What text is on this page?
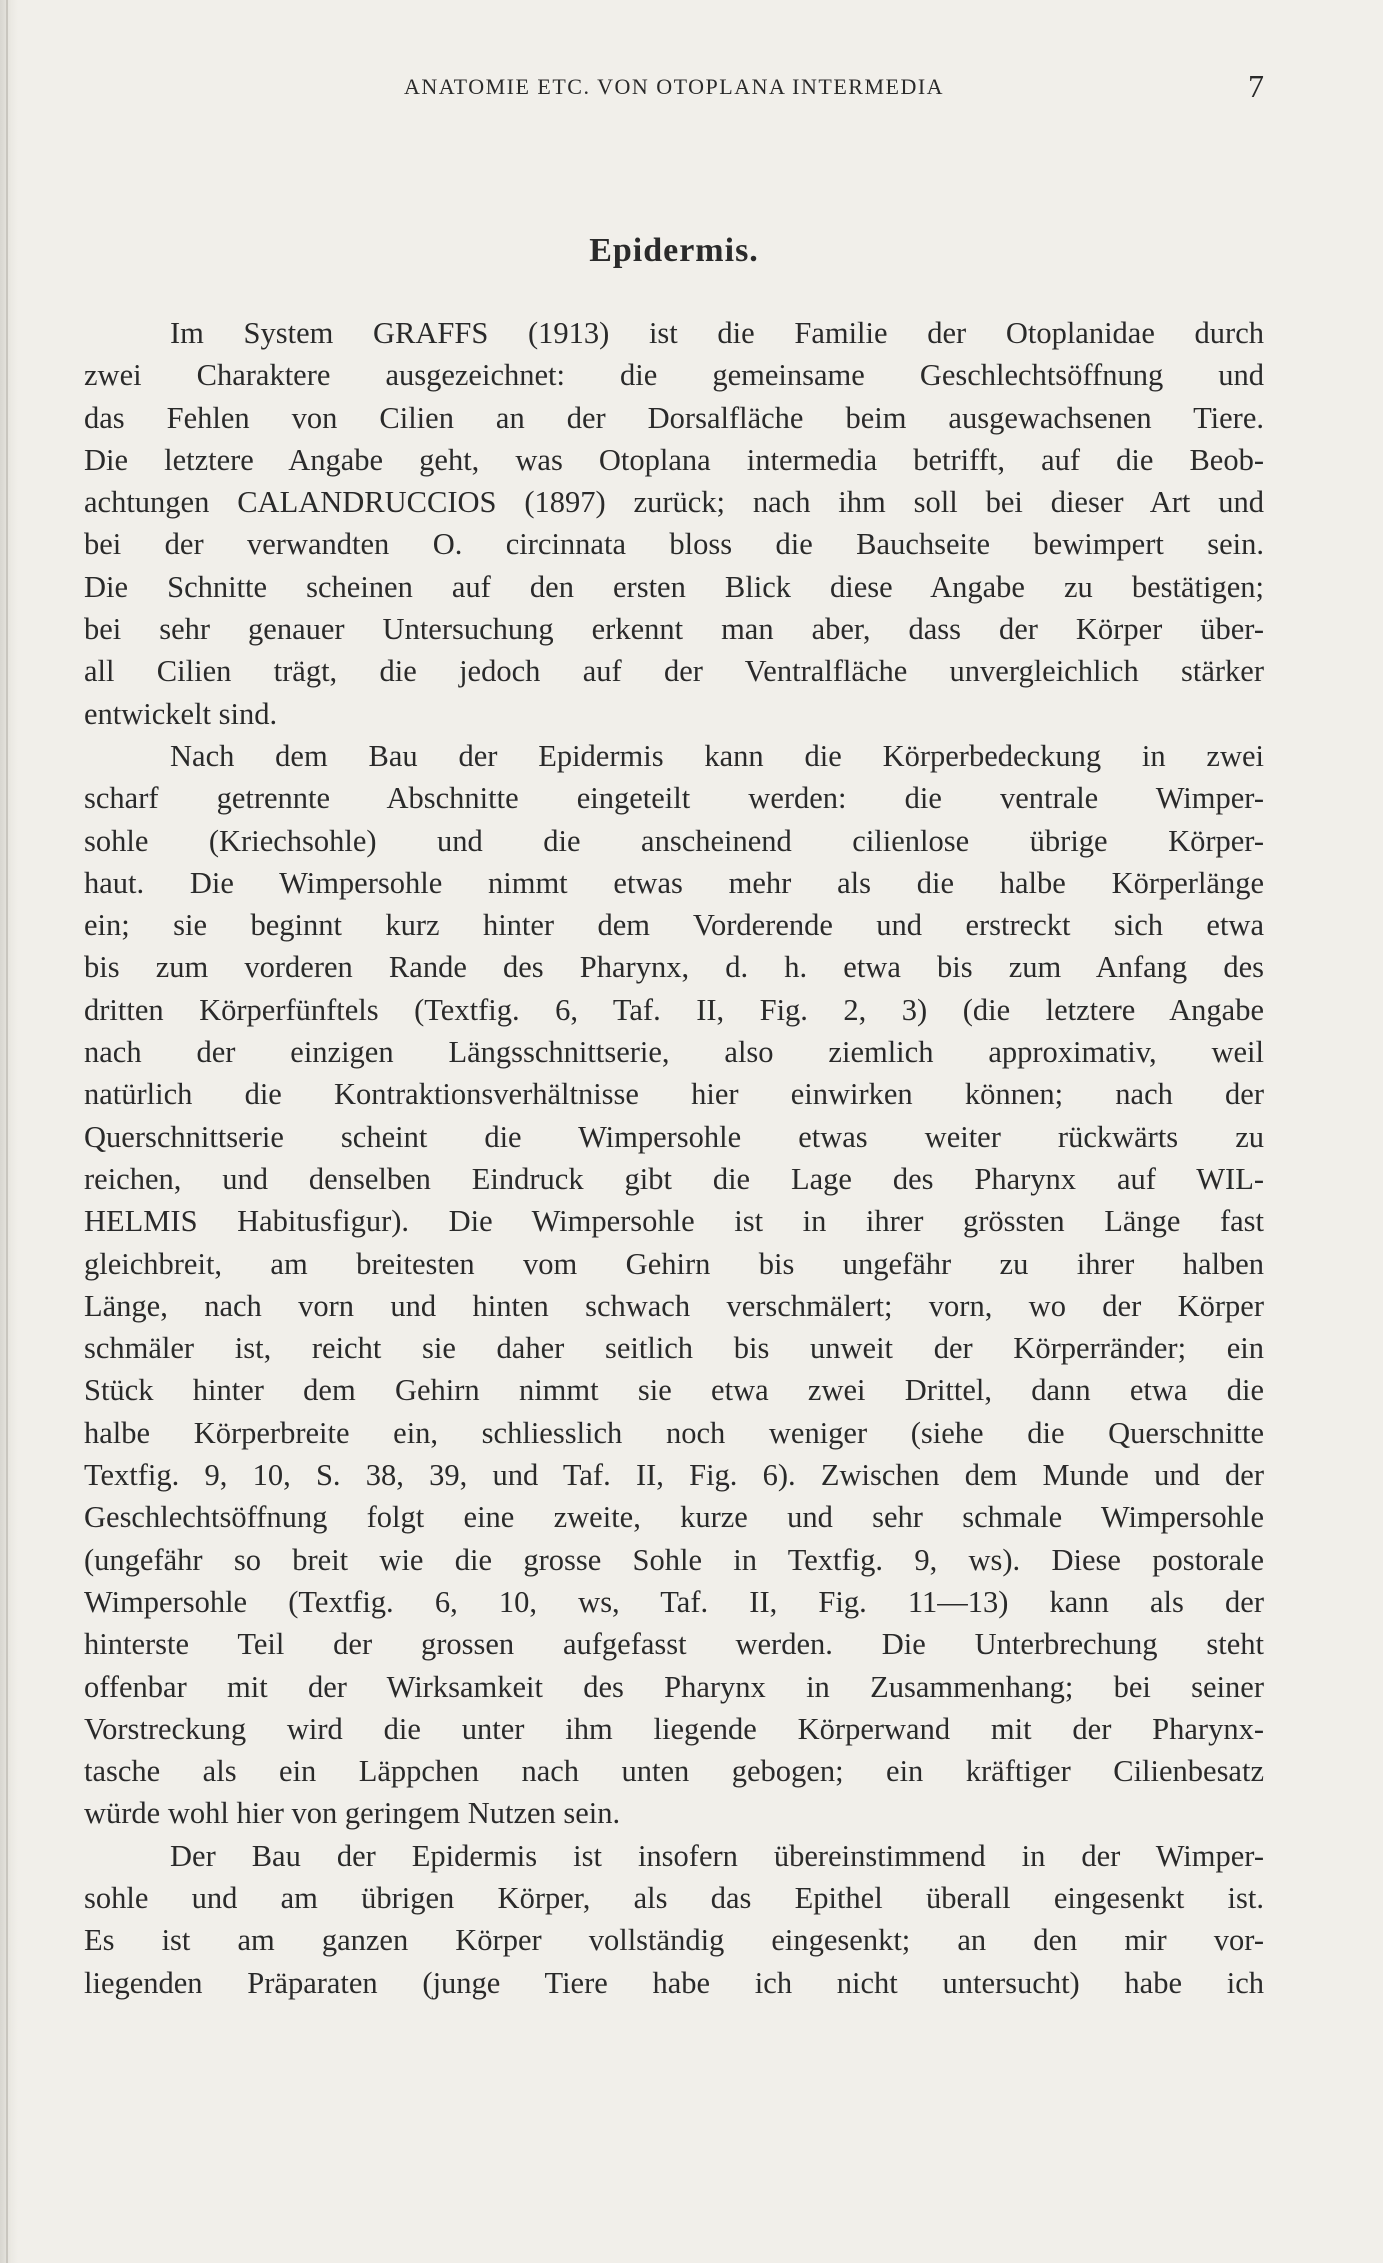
ANATOMIE ETC. VON OTOPLANA INTERMEDIA	7
Epidermis.
Im System GRAFFS (1913) ist die Familie der Otoplanidae durch
zwei Charaktere ausgezeichnet: die gemeinsame Geschlechtsöffnung und
das Fehlen von Cilien an der Dorsalfläche beim ausgewachsenen Tiere.
Die letztere Angabe geht, was Otoplana intermedia betrifft, auf die Beob-
achtungen CALANDRUCCIOS (1897) zurück; nach ihm soll bei dieser Art und
bei der verwandten O. circinnata bloss die Bauchseite bewimpert sein.
Die Schnitte scheinen auf den ersten Blick diese Angabe zu bestätigen;
bei sehr genauer Untersuchung erkennt man aber, dass der Körper über-
all Cilien trägt, die jedoch auf der Ventralfläche unvergleichlich stärker
entwickelt sind.
Nach dem Bau der Epidermis kann die Körperbedeckung in zwei
scharf getrennte Abschnitte eingeteilt werden: die ventrale Wimper-
sohle (Kriechsohle) und die anscheinend cilienlose übrige Körper-
haut. Die Wimpersohle nimmt etwas mehr als die halbe Körperlänge
ein; sie beginnt kurz hinter dem Vorderende und erstreckt sich etwa
bis zum vorderen Rande des Pharynx, d. h. etwa bis zum Anfang des
dritten Körperfünftels (Textfig. 6, Taf. II, Fig. 2, 3) (die letztere Angabe
nach der einzigen Längsschnittserie, also ziemlich approximativ, weil
natürlich die Kontraktionsverhältnisse hier einwirken können; nach der
Querschnittserie scheint die Wimpersohle etwas weiter rückwärts zu
reichen, und denselben Eindruck gibt die Lage des Pharynx auf WIL-
HELMIS Habitusfigur). Die Wimpersohle ist in ihrer grössten Länge fast
gleichbreit, am breitesten vom Gehirn bis ungefähr zu ihrer halben
Länge, nach vorn und hinten schwach verschmälert; vorn, wo der Körper
schmäler ist, reicht sie daher seitlich bis unweit der Körperränder; ein
Stück hinter dem Gehirn nimmt sie etwa zwei Drittel, dann etwa die
halbe Körperbreite ein, schliesslich noch weniger (siehe die Querschnitte
Textfig. 9, 10, S. 38, 39, und Taf. II, Fig. 6). Zwischen dem Munde und der
Geschlechtsöffnung folgt eine zweite, kurze und sehr schmale Wimpersohle
(ungefähr so breit wie die grosse Sohle in Textfig. 9, ws). Diese postorale
Wimpersohle (Textfig. 6, 10, ws, Taf. II, Fig. 11—13) kann als der
hinterste Teil der grossen aufgefasst werden. Die Unterbrechung steht
offenbar mit der Wirksamkeit des Pharynx in Zusammenhang; bei seiner
Vorstreckung wird die unter ihm liegende Körperwand mit der Pharynx-
tasche als ein Läppchen nach unten gebogen; ein kräftiger Cilienbesatz
würde wohl hier von geringem Nutzen sein.
Der Bau der Epidermis ist insofern übereinstimmend in der Wimper-
sohle und am übrigen Körper, als das Epithel überall eingesenkt ist.
Es ist am ganzen Körper vollständig eingesenkt; an den mir vor-
liegenden Präparaten (junge Tiere habe ich nicht untersucht) habe ich
